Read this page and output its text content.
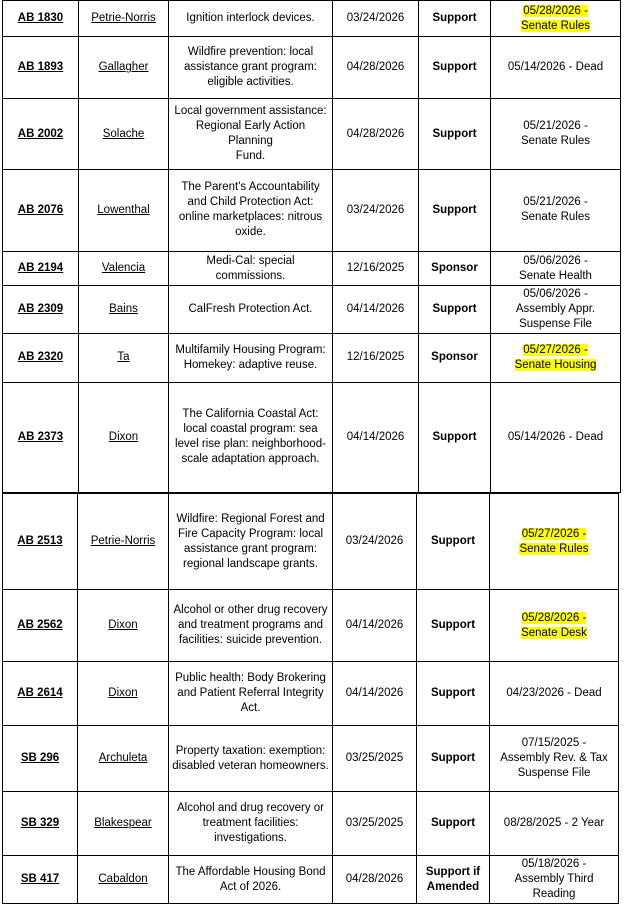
AB 1830	Petrie-Norris	Ignition interlock devices.	03/24/2026	Support	05/28/2026 -
Senate Rules
AB 1893	Gallagher	Wildfire prevention: local
assistance grant program:
eligible activities.	04/28/2026	Support	05/14/2026 - Dead
AB 2002	Solache	Local government assistance:
Regional Early Action Planning
Fund.	04/28/2026	Support	05/21/2026 -
Senate Rules
AB 2076	Lowenthal	The Parent's Accountability
and Child Protection Act:
online marketplaces: nitrous
oxide.	03/24/2026	Support	05/21/2026 -
Senate Rules
AB 2194	Valencia	Medi-Cal: special
commissions.	12/16/2025	Sponsor	05/06/2026 -
Senate Health
AB 2309	Bains	CalFresh Protection Act.	04/14/2026	Support	05/06/2026 -
Assembly Appr.
Suspense File
AB 2320	Ta	Multifamily Housing Program:
Homekey: adaptive reuse.	12/16/2025	Sponsor	05/27/2026 -
Senate Housing
AB 2373	Dixon	The California Coastal Act:
local coastal program: sea
level rise plan: neighborhood-
scale adaptation approach.	04/14/2026	Support	05/14/2026 - Dead
AB 2513	Petrie-Norris	Wildfire: Regional Forest and
Fire Capacity Program: local
assistance grant program:
regional landscape grants.	03/24/2026	Support	05/27/2026 -
Senate Rules
AB 2562	Dixon	Alcohol or other drug recovery
and treatment programs and
facilities: suicide prevention.	04/14/2026	Support	05/28/2026 -
Senate Desk
AB 2614	Dixon	Public health: Body Brokering
and Patient Referral Integrity
Act.	04/14/2026	Support	04/23/2026 - Dead
SB 296	Archuleta	Property taxation: exemption:
disabled veteran homeowners.	03/25/2025	Support	07/15/2025 -
Assembly Rev. & Tax
Suspense File
SB 329	Blakespear	Alcohol and drug recovery or
treatment facilities:
investigations.	03/25/2025	Support	08/28/2025 - 2 Year
SB 417	Cabaldon	The Affordable Housing Bond
Act of 2026.	04/28/2026	Support if
Amended	05/18/2026 -
Assembly Third Reading
